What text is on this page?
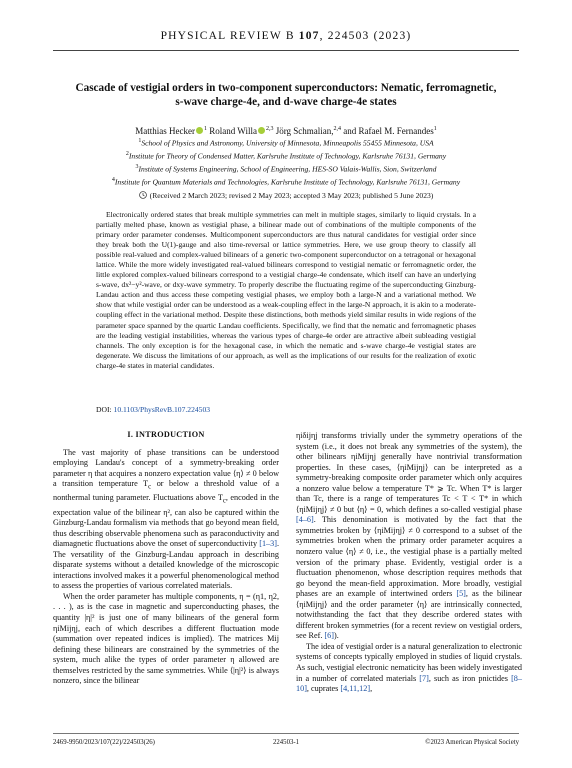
PHYSICAL REVIEW B 107, 224503 (2023)
Cascade of vestigial orders in two-component superconductors: Nematic, ferromagnetic,
s-wave charge-4e, and d-wave charge-4e states
Matthias Hecker $^1$ Roland Willa $^{2,3}$ Jörg Schmalian,$^{2,4}$ and Rafael M. Fernandes$^1$
$^1$School of Physics and Astronomy, University of Minnesota, Minneapolis 55455 Minnesota, USA
$^2$Institute for Theory of Condensed Matter, Karlsruhe Institute of Technology, Karlsruhe 76131, Germany
$^3$Institute of Systems Engineering, School of Engineering, HES-SO Valais-Wallis, Sion, Switzerland
$^4$Institute for Quantum Materials and Technologies, Karlsruhe Institute of Technology, Karlsruhe 76131, Germany
(Received 2 March 2023; revised 2 May 2023; accepted 3 May 2023; published 5 June 2023)

Electronically ordered states that break multiple symmetries can melt in multiple stages, similarly to liquid crystals. In a partially melted phase, known as vestigial phase, a bilinear made out of combinations of the multiple components of the primary order parameter condenses. Multicomponent superconductors are thus natural candidates for vestigial order since they break both the U(1)-gauge and also time-reversal or lattice symmetries. Here, we use group theory to classify all possible real-valued and complex-valued bilinears of a generic two-component superconductor on a tetragonal or hexagonal lattice. While the more widely investigated real-valued bilinears correspond to vestigial nematic or ferromagnetic order, the little explored complex-valued bilinears correspond to a vestigial charge-4e condensate, which itself can have an underlying s-wave, dx²−y²-wave, or dxy-wave symmetry. To properly describe the fluctuating regime of the superconducting Ginzburg-Landau action and thus access these competing vestigial phases, we employ both a large-N and a variational method. We show that while vestigial order can be understood as a weak-coupling effect in the large-N approach, it is akin to a moderate-coupling effect in the variational method. Despite these distinctions, both methods yield similar results in wide regions of the parameter space spanned by the quartic Landau coefficients. Specifically, we find that the nematic and ferromagnetic phases are the leading vestigial instabilities, whereas the various types of charge-4e order are attractive albeit subleading vestigial channels. The only exception is for the hexagonal case, in which the nematic and s-wave charge-4e vestigial states are degenerate. We discuss the limitations of our approach, as well as the implications of our results for the realization of exotic charge-4e states in material candidates.

DOI: 10.1103/PhysRevB.107.224503
I. INTRODUCTION

The vast majority of phase transitions can be understood employing Landau's concept of a symmetry-breaking order parameter η that acquires a nonzero expectation value ⟨η⟩ ≠ 0 below a transition temperature $T_c$ or below a threshold value of a nonthermal tuning parameter. Fluctuations above $T_c$, encoded in the expectation value of the bilinear η², can also be captured within the Ginzburg-Landau formalism via methods that go beyond mean field, thus describing observable phenomena such as paraconductivity and diamagnetic fluctuations above the onset of superconductivity [1–3]. The versatility of the Ginzburg-Landau approach in describing disparate systems without a detailed knowledge of the microscopic interactions involved makes it a powerful phenomenological method to assess the properties of various correlated materials.

When the order parameter has multiple components, η = (η1, η2, . . . ), as is the case in magnetic and superconducting phases, the quantity |η|² is just one of many bilinears of the general form ηiMijηj, each of which describes a different fluctuation mode (summation over repeated indices is implied). The matrices Mij defining these bilinears are constrained by the symmetries of the system, much alike the types of order parameter η allowed are themselves restricted by the same symmetries. While ⟨|η|²⟩ is always nonzero, since the bilinear

ηiδijηj transforms trivially under the symmetry operations of the system (i.e., it does not break any symmetries of the system), the other bilinears ηiMijηj generally have nontrivial transformation properties. In these cases, ⟨ηiMijηj⟩ can be interpreted as a symmetry-breaking composite order parameter which only acquires a nonzero value below a temperature T* ⩾ Tc. When T* is larger than Tc, there is a range of temperatures Tc < T < T* in which ⟨ηiMijηj⟩ ≠ 0 but ⟨η⟩ = 0, which defines a so-called vestigial phase [4–6]. This denomination is motivated by the fact that the symmetries broken by ⟨ηiMijηj⟩ ≠ 0 correspond to a subset of the symmetries broken when the primary order parameter acquires a nonzero value ⟨η⟩ ≠ 0, i.e., the vestigial phase is a partially melted version of the primary phase. Evidently, vestigial order is a fluctuation phenomenon, whose description requires methods that go beyond the mean-field approximation. More broadly, vestigial phases are an example of intertwined orders [5], as the bilinear ⟨ηiMijηj⟩ and the order parameter ⟨η⟩ are intrinsically connected, notwithstanding the fact that they describe ordered states with different broken symmetries (for a recent review on vestigial orders, see Ref. [6]).

The idea of vestigial order is a natural generalization to electronic systems of concepts typically employed in studies of liquid crystals. As such, vestigial electronic nematicity has been widely investigated in a number of correlated materials [7], such as iron pnictides [8–10], cuprates [4,11,12],

2469-9950/2023/107(22)/224503(26)	224503-1	©2023 American Physical Society
